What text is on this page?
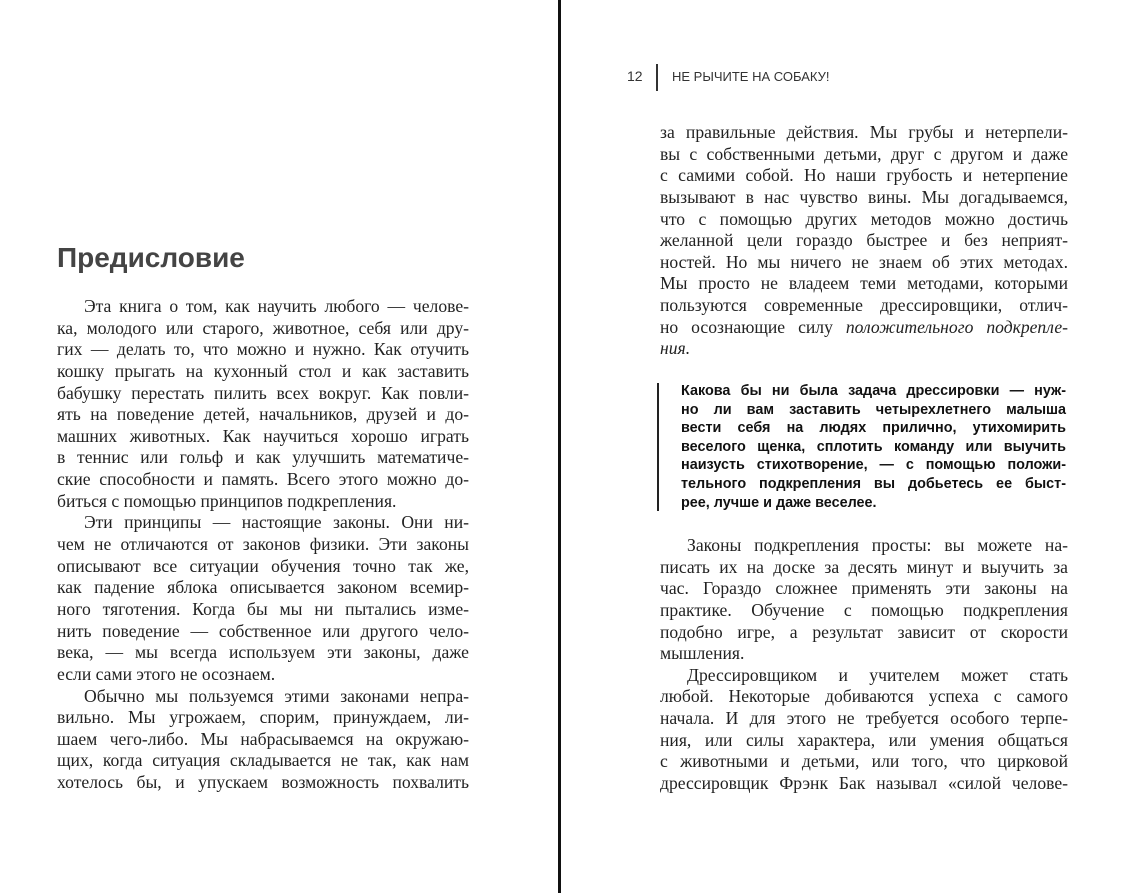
Предисловие
Эта книга о том, как научить любого — челове-
ка, молодого или старого, животное, себя или дру-
гих — делать то, что можно и нужно. Как отучить
кошку прыгать на кухонный стол и как заставить
бабушку перестать пилить всех вокруг. Как повли-
ять на поведение детей, начальников, друзей и до-
машних животных. Как научиться хорошо играть
в теннис или гольф и как улучшить математиче-
ские способности и память. Всего этого можно до-
биться с помощью принципов подкрепления.
Эти принципы — настоящие законы. Они ни-
чем не отличаются от законов физики. Эти законы
описывают все ситуации обучения точно так же,
как падение яблока описывается законом всемир-
ного тяготения. Когда бы мы ни пытались изме-
нить поведение — собственное или другого чело-
века, — мы всегда используем эти законы, даже
если сами этого не осознаем.
Обычно мы пользуемся этими законами непра-
вильно. Мы угрожаем, спорим, принуждаем, ли-
шаем чего-либо. Мы набрасываемся на окружаю-
щих, когда ситуация складывается не так, как нам
хотелось бы, и упускаем возможность похвалить
12 НЕ РЫЧИТЕ НА СОБАКУ!
за правильные действия. Мы грубы и нетерпели-
вы с собственными детьми, друг с другом и даже
с самими собой. Но наши грубость и нетерпение
вызывают в нас чувство вины. Мы догадываемся,
что с помощью других методов можно достичь
желанной цели гораздо быстрее и без неприят-
ностей. Но мы ничего не знаем об этих методах.
Мы просто не владеем теми методами, которыми
пользуются современные дрессировщики, отлич-
но осознающие силу положительного подкрепле-
ния.
Какова бы ни была задача дрессировки — нуж-
но ли вам заставить четырехлетнего малыша
вести себя на людях прилично, утихомирить
веселого щенка, сплотить команду или выучить
наизусть стихотворение, — с помощью положи-
тельного подкрепления вы добьетесь ее быст-
рее, лучше и даже веселее.
Законы подкрепления просты: вы можете на-
писать их на доске за десять минут и выучить за
час. Гораздо сложнее применять эти законы на
практике. Обучение с помощью подкрепления
подобно игре, а результат зависит от скорости
мышления.
Дрессировщиком и учителем может стать
любой. Некоторые добиваются успеха с самого
начала. И для этого не требуется особого терпе-
ния, или силы характера, или умения общаться
с животными и детьми, или того, что цирковой
дрессировщик Фрэнк Бак называл «силой челове-
